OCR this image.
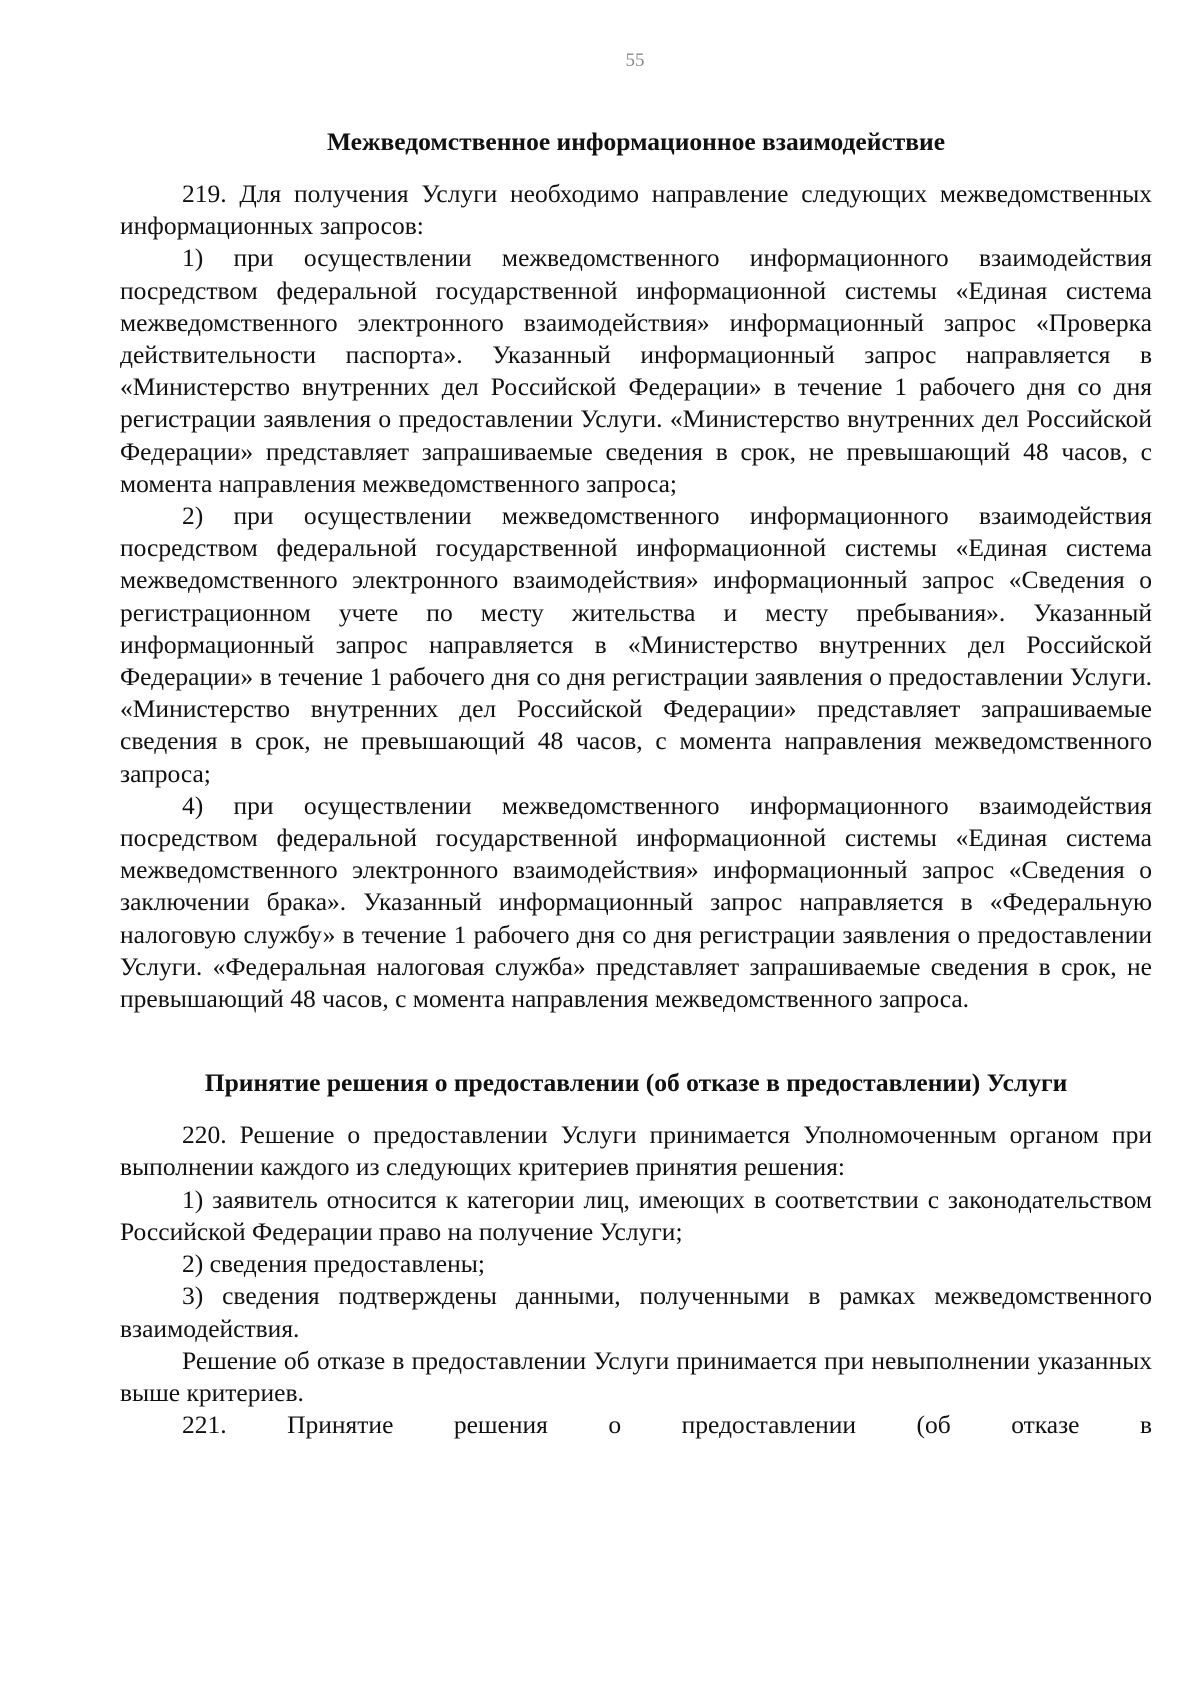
55
Межведомственное информационное взаимодействие

219. Для получения Услуги необходимо направление следующих межведомственных информационных запросов:

1) при осуществлении межведомственного информационного взаимодействия посредством федеральной государственной информационной системы «Единая система межведомственного электронного взаимодействия» информационный запрос «Проверка действительности паспорта». Указанный информационный запрос направляется в «Министерство внутренних дел Российской Федерации» в течение 1 рабочего дня со дня регистрации заявления о предоставлении Услуги. «Министерство внутренних дел Российской Федерации» представляет запрашиваемые сведения в срок, не превышающий 48 часов, с момента направления межведомственного запроса;

2) при осуществлении межведомственного информационного взаимодействия посредством федеральной государственной информационной системы «Единая система межведомственного электронного взаимодействия» информационный запрос «Сведения о регистрационном учете по месту жительства и месту пребывания». Указанный информационный запрос направляется в «Министерство внутренних дел Российской Федерации» в течение 1 рабочего дня со дня регистрации заявления о предоставлении Услуги. «Министерство внутренних дел Российской Федерации» представляет запрашиваемые сведения в срок, не превышающий 48 часов, с момента направления межведомственного запроса;

4) при осуществлении межведомственного информационного взаимодействия посредством федеральной государственной информационной системы «Единая система межведомственного электронного взаимодействия» информационный запрос «Сведения о заключении брака». Указанный информационный запрос направляется в «Федеральную налоговую службу» в течение 1 рабочего дня со дня регистрации заявления о предоставлении Услуги. «Федеральная налоговая служба» представляет запрашиваемые сведения в срок, не превышающий 48 часов, с момента направления межведомственного запроса.

Принятие решения о предоставлении (об отказе в предоставлении) Услуги

220. Решение о предоставлении Услуги принимается Уполномоченным органом при выполнении каждого из следующих критериев принятия решения:

1) заявитель относится к категории лиц, имеющих в соответствии с законодательством Российской Федерации право на получение Услуги;

2) сведения предоставлены;

3) сведения подтверждены данными, полученными в рамках межведомственного взаимодействия.

Решение об отказе в предоставлении Услуги принимается при невыполнении указанных выше критериев.

221. Принятие решения о предоставлении (об отказе в
